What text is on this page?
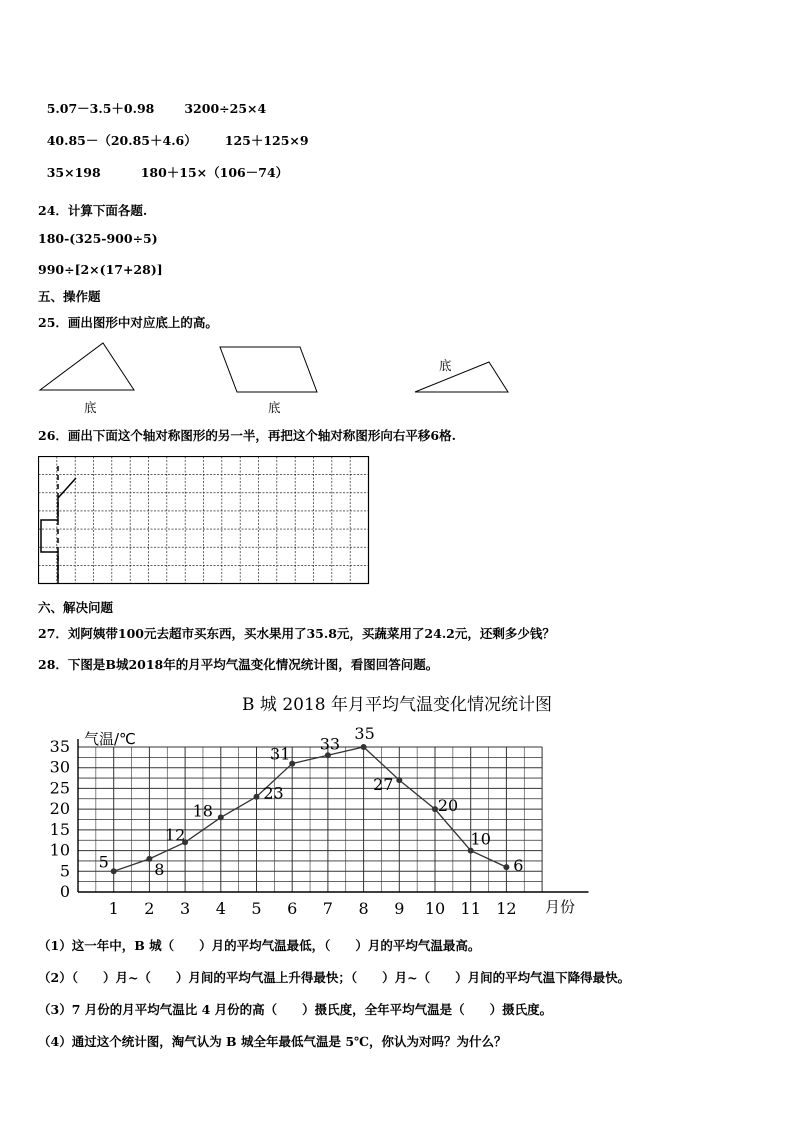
5.07－3.5＋0.98 3200÷25×4

40.85－（20.85＋4.6） 125＋125×9

35×198	180＋15×（106－74）

24．计算下面各题.
180-(325-900÷5)
990÷[2×(17+28)]
五、操作题
25．画出图形中对应底上的高。
底	底
底
26．画出下面这个轴对称图形的另一半，再把这个轴对称图形向右平移6格.
六、解决问题
27．刘阿姨带100元去超市买东西，买水果用了35.8元，买蔬菜用了24.2元，还剩多少钱？
28．下图是B城2018年的月平均气温变化情况统计图，看图回答问题。
B 城 2018 年月平均气温变化情况统计图
气温/℃
月份
0
5
10
15
20
25
30
35
1 2 3 4 5 6 7 8 9 10 11 12
5	8
12
18
23
31
33
35
27
20
10
6
（1）这一年中，B 城（　　）月的平均气温最低，（　　）月的平均气温最高。
（2）（　　）月~（　　）月间的平均气温上升得最快；（　　）月~（　　）月间的平均气温下降得最快。
（3）7 月份的月平均气温比 4 月份的高（　　）摄氏度，全年平均气温是（　　）摄氏度。
（4）通过这个统计图，淘气认为 B 城全年最低气温是 5℃，你认为对吗？为什么？
